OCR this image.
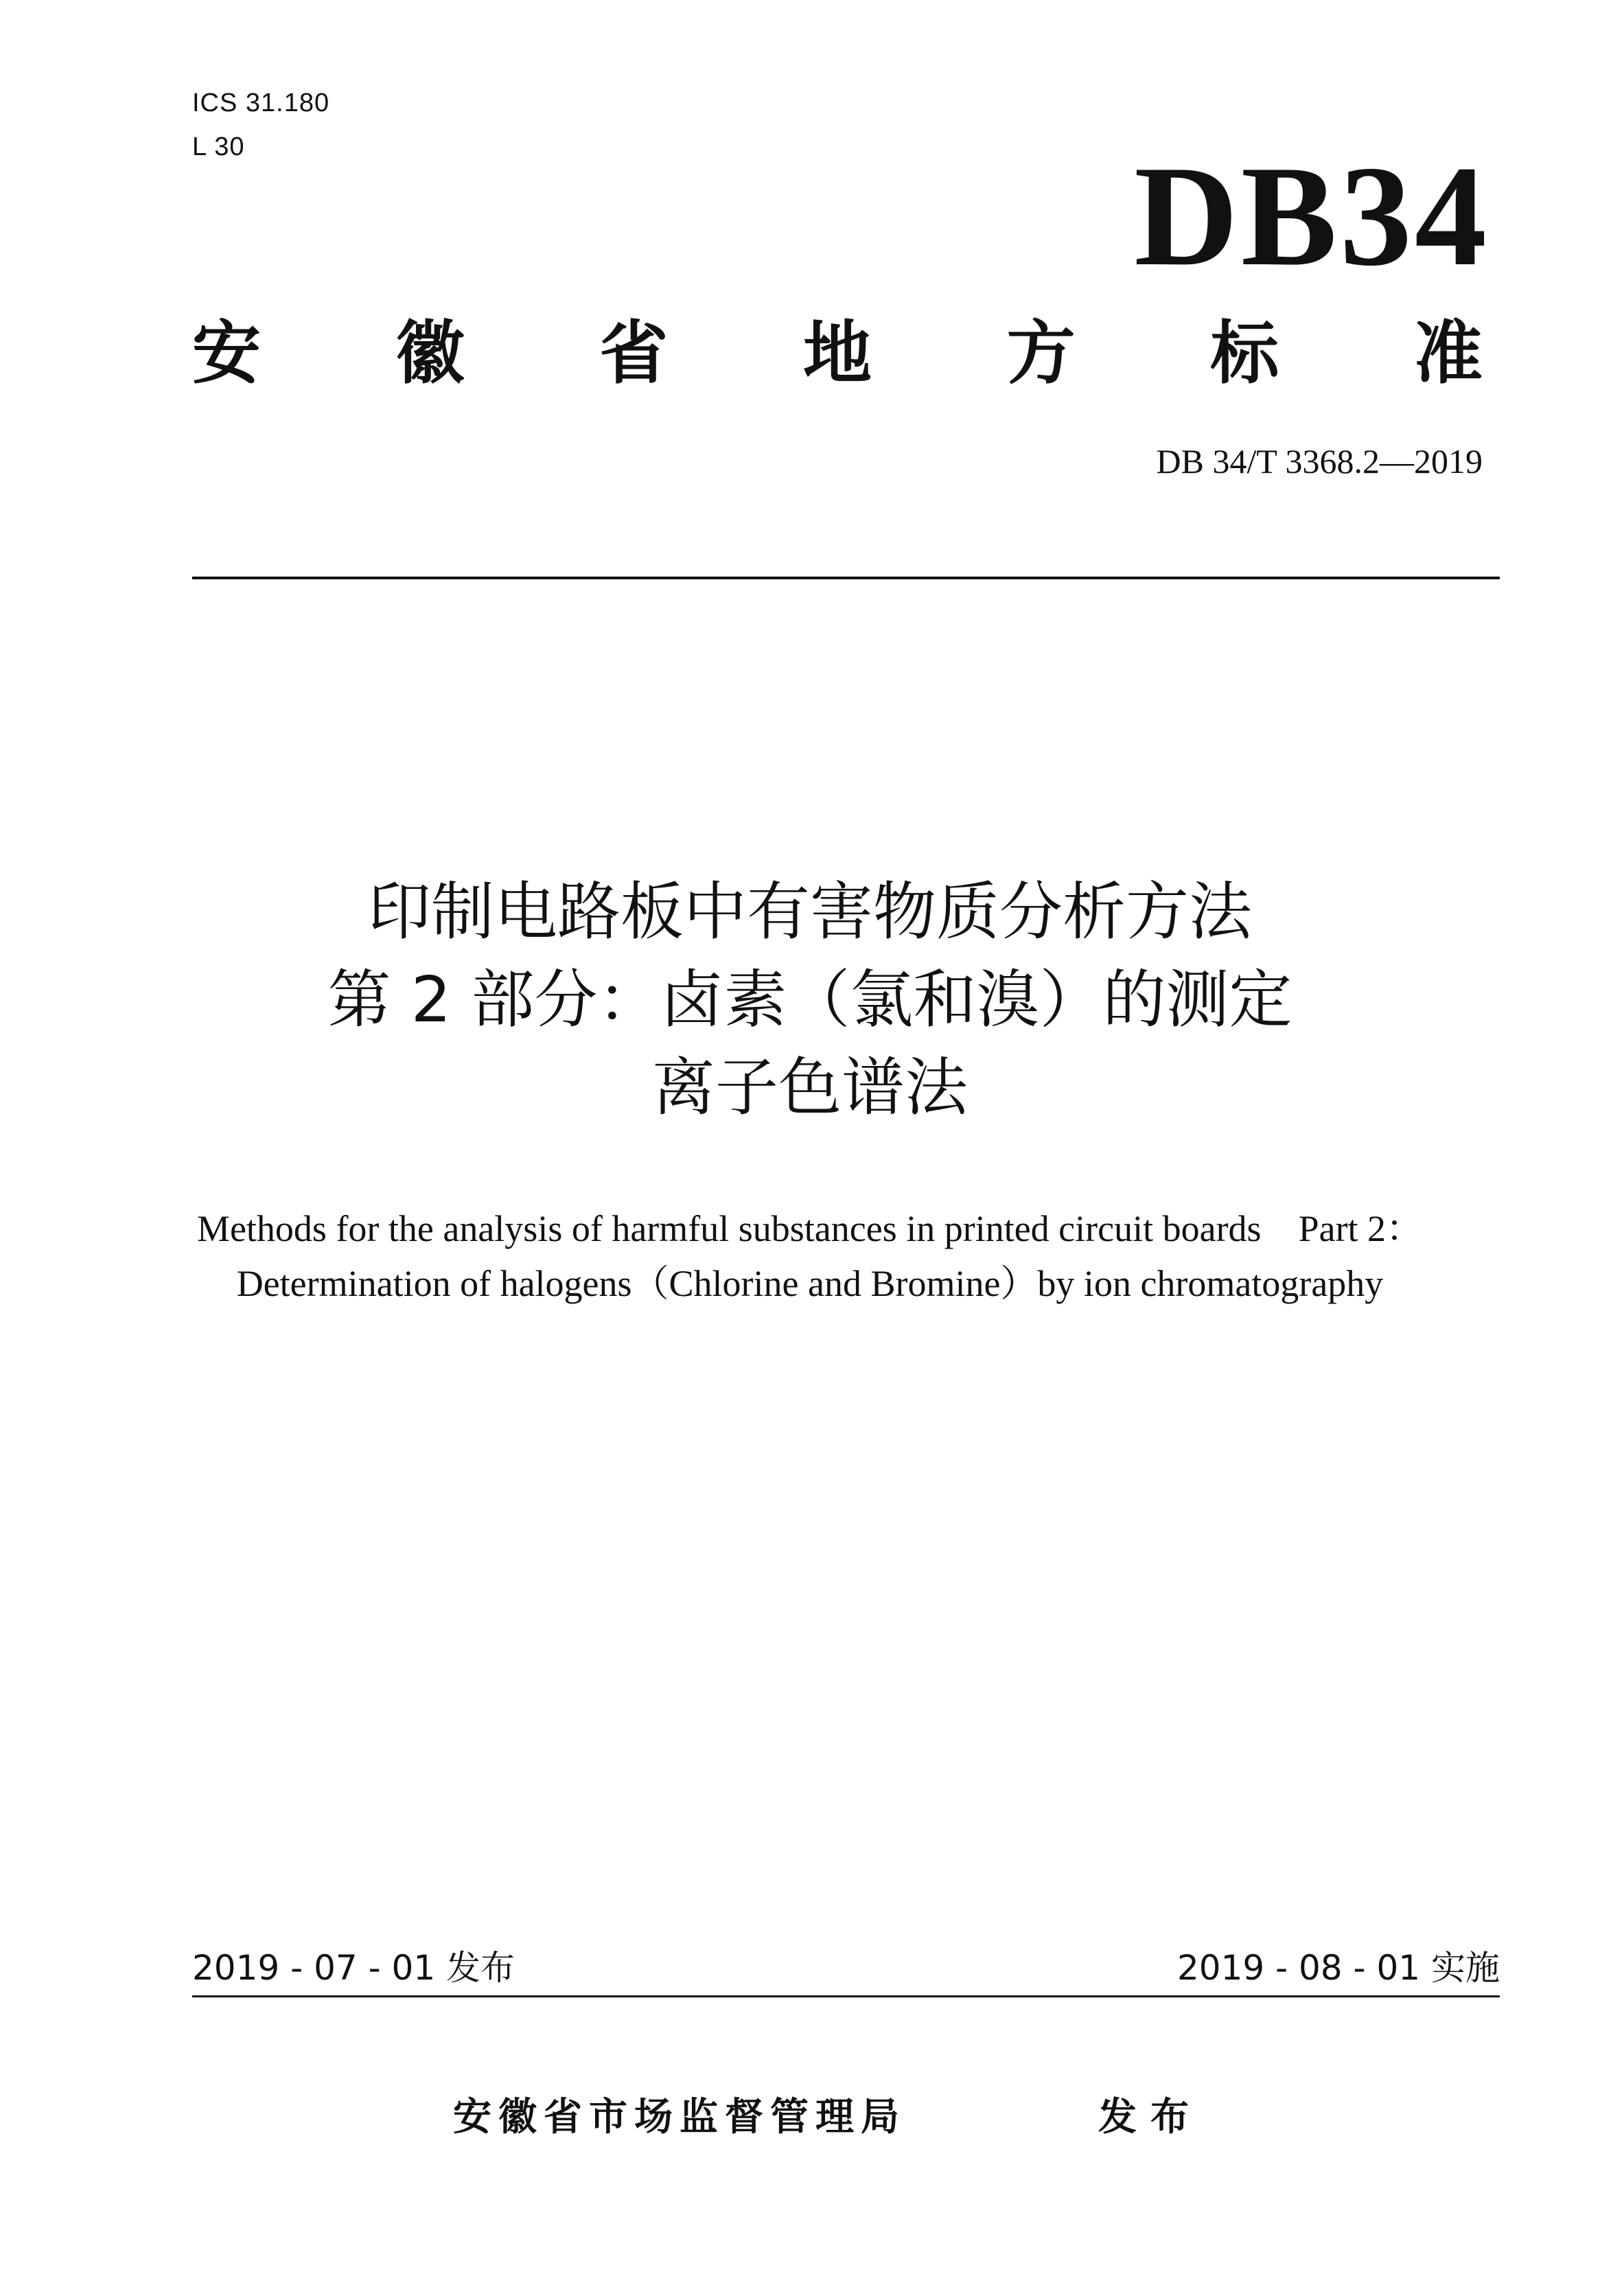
ICS 31.180
L 30	DB34
安 徽 省 地 方 标 准
DB 34/T 3368.2—2019
印制电路板中有害物质分析方法
第 2 部分：卤素（氯和溴）的测定
离子色谱法
Methods for the analysis of harmful substances in printed circuit boards    Part 2：
Determination of halogens（Chlorine and Bromine）by ion chromatography
2019 - 07 - 01 发布	2019 - 08 - 01 实施
安徽省市场监督管理局	发布
